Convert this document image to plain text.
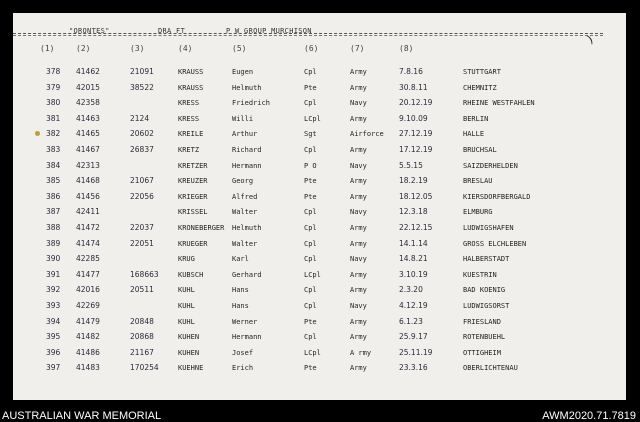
"ORONTES"	DRA FT	P W GROUP MURCHISON
)
(1)	(2)	(3)	(4)	(5)	(6)	(7)	(8)
378 41462	21091	KRAUSS	Eugen	Cpl	Army	7.8.16	STUTTGART
379 42015	38522	KRAUSS	Helmuth	Pte	Army	30.8.11	CHEMNITZ
380 42358	KRESS	Friedrich	Cpl	Navy	20.12.19	RHEINE WESTFAHLEN
381 41463	2124	KRESS	Willi	LCpl	Army	9.10.09	BERLIN
382 41465	20602	KREILE	Arthur	Sgt	Airforce 27.12.19	HALLE
383 41467	26837	KRETZ	Richard	Cpl	Army	17.12.19	BRUCHSAL
384 42313	KRETZER	Hermann	P O	Navy	5.5.15	SAIZDERHELDEN
385 41468	21067	KREUZER	Georg	Pte	Army	18.2.19	BRESLAU
386 41456	22056	KRIEGER	Alfred	Pte	Army	18.12.05	KIERSDORFBERGALD
387 42411	KRISSEL	Walter	Cpl	Navy	12.3.18	ELMBURG
388 41472	22037	KRONEBERGER Helmuth	Cpl	Army	22.12.15	LUDWIGSHAFEN
389 41474	22051	KRUEGER	Walter	Cpl	Army	14.1.14	GROSS ELCHLEBEN
390 42285	KRUG	Karl	Cpl	Navy	14.8.21	HALBERSTADT
391 41477	168663	KUBSCH	Gerhard	LCpl	Army	3.10.19	KUESTRIN
392 42016	20511	KUHL	Hans	Cpl	Army	2.3.20	BAD KOENIG
393 42269	KUHL	Hans	Cpl	Navy	4.12.19	LUDWIGSORST
394 41479	20848	KUHL	Werner	Pte	Army	6.1.23	FRIESLAND
395 41482	20868	KUHEN	Hermann	Cpl	Army	25.9.17	ROTENBUEHL
396 41486	21167	KUHEN	Josef	LCpl	A rmy	25.11.19	OTTIGHEIM
397 41483	170254	KUEHNE	Erich	Pte	Army	23.3.16	OBERLICHTENAU
AUSTRALIAN WAR MEMORIAL	AWM2020.71.7819
